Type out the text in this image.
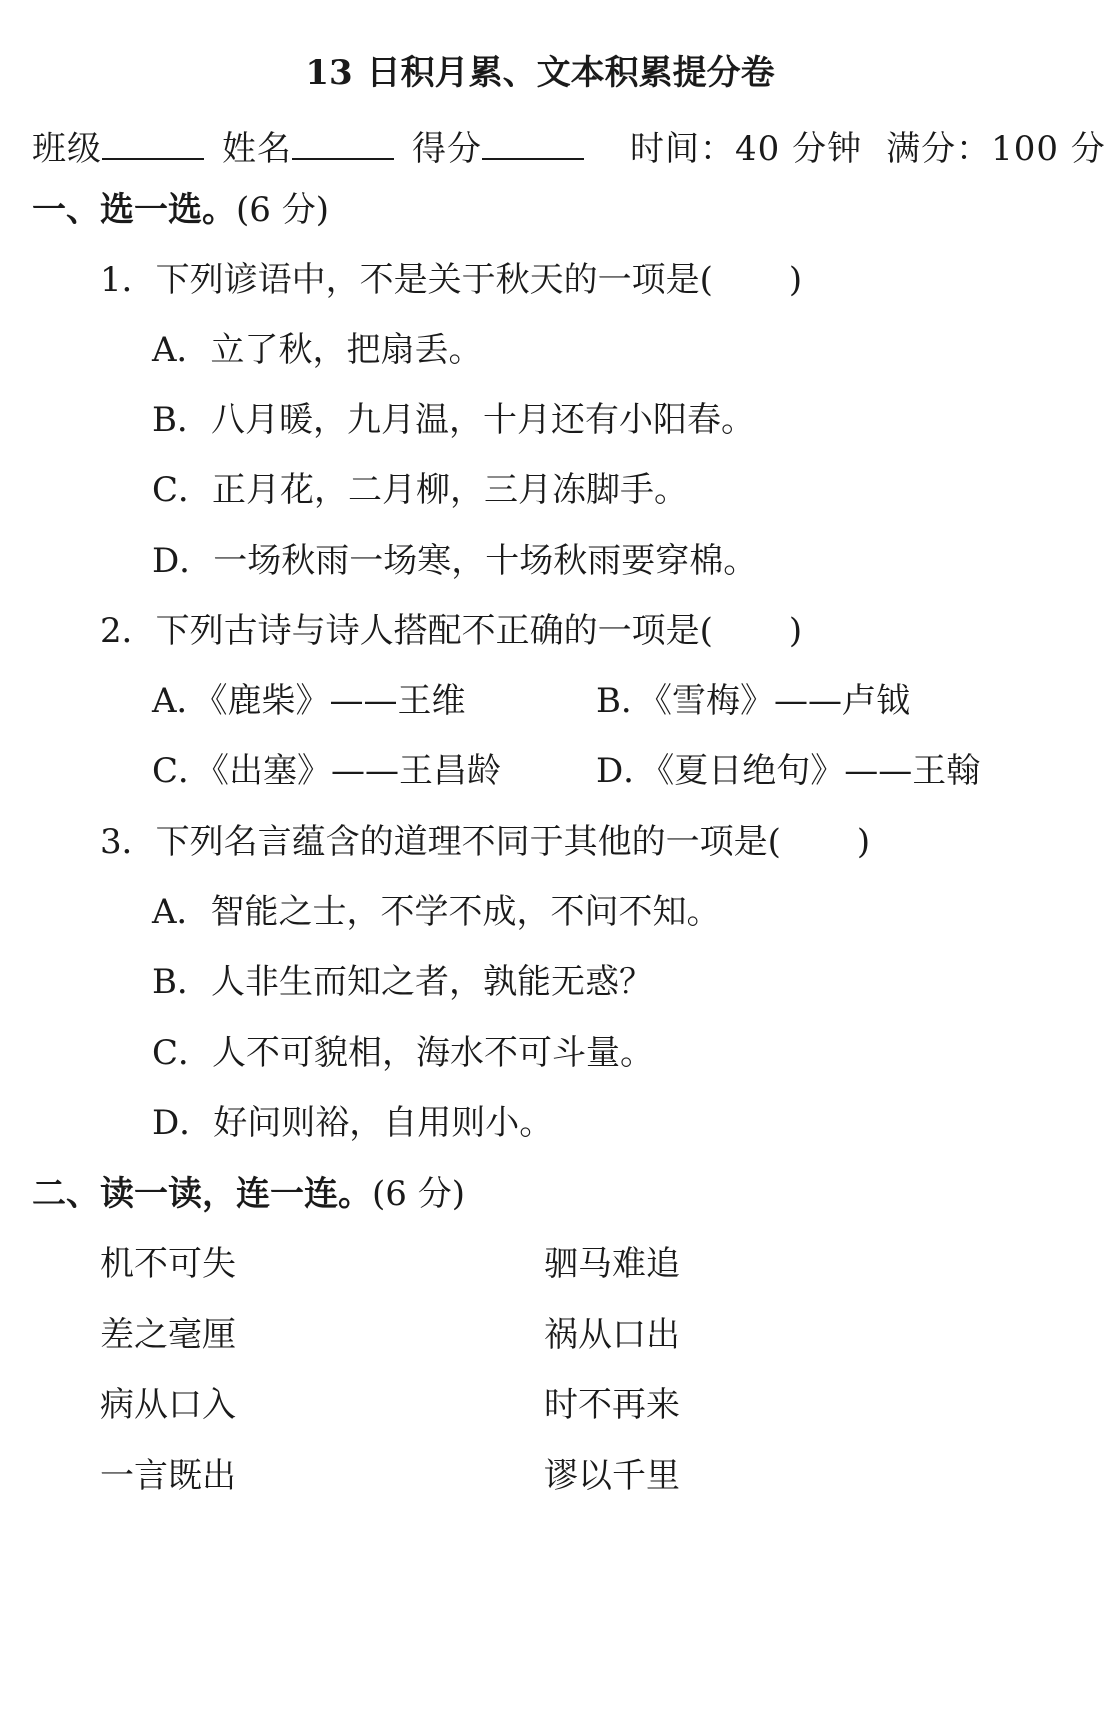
13 日积月累、文本积累提分卷
班级	姓名	得分	时间：40 分钟 满分：100 分
一、选一选。(6 分)
1．下列谚语中，不是关于秋天的一项是( )
A．立了秋，把扇丢。
B．八月暖，九月温，十月还有小阳春。
C．正月花，二月柳，三月冻脚手。
D．一场秋雨一场寒，十场秋雨要穿棉。
2．下列古诗与诗人搭配不正确的一项是( )
A．《鹿柴》——王维	B．《雪梅》——卢钺
C．《出塞》——王昌龄	D．《夏日绝句》——王翰
3．下列名言蕴含的道理不同于其他的一项是( )
A．智能之士，不学不成，不问不知。
B．人非生而知之者，孰能无惑？
C．人不可貌相，海水不可斗量。
D．好问则裕，自用则小。
二、读一读，连一连。(6 分)
机不可失	驷马难追
差之毫厘	祸从口出
病从口入	时不再来
一言既出	谬以千里
